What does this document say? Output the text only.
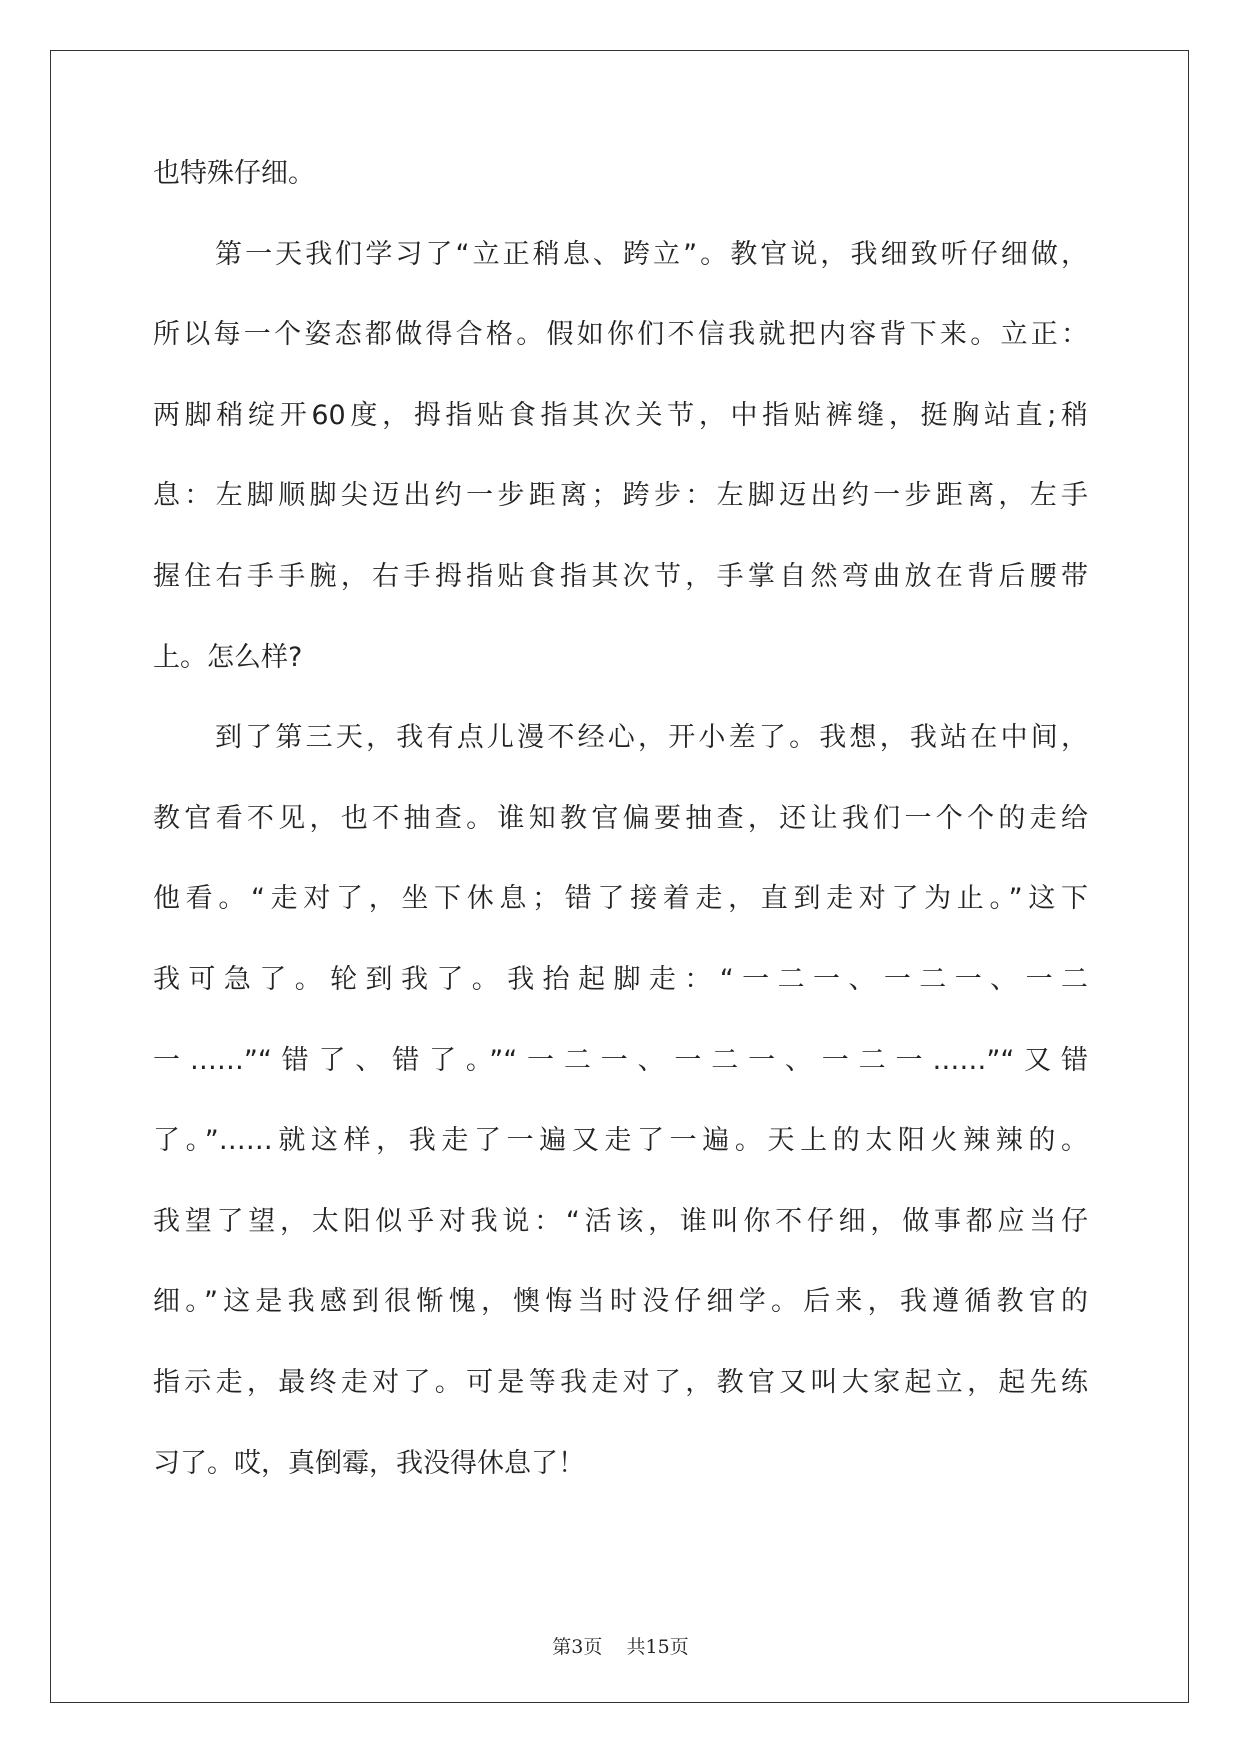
也特殊仔细。
第一天我们学习了“立正稍息、跨立”。教官说，我细致听仔细做，
所以每一个姿态都做得合格。假如你们不信我就把内容背下来。立正：
两脚稍绽开60度，拇指贴食指其次关节，中指贴裤缝，挺胸站直;稍
息：左脚顺脚尖迈出约一步距离；跨步：左脚迈出约一步距离，左手
握住右手手腕，右手拇指贴食指其次节，手掌自然弯曲放在背后腰带
上。怎么样?
到了第三天，我有点儿漫不经心，开小差了。我想，我站在中间，
教官看不见，也不抽查。谁知教官偏要抽查，还让我们一个个的走给
他看。“走对了，坐下休息；错了接着走，直到走对了为止。”这下
我可急了。轮到我了。我抬起脚走：“一二一、一二一、一二
一……”“错了、错了。”“一二一、一二一、一二一……”“又错
了。”……就这样，我走了一遍又走了一遍。天上的太阳火辣辣的。
我望了望，太阳似乎对我说：“活该，谁叫你不仔细，做事都应当仔
细。”这是我感到很惭愧，懊悔当时没仔细学。后来，我遵循教官的
指示走，最终走对了。可是等我走对了，教官又叫大家起立，起先练
习了。哎，真倒霉，我没得休息了！
第3页 共15页
